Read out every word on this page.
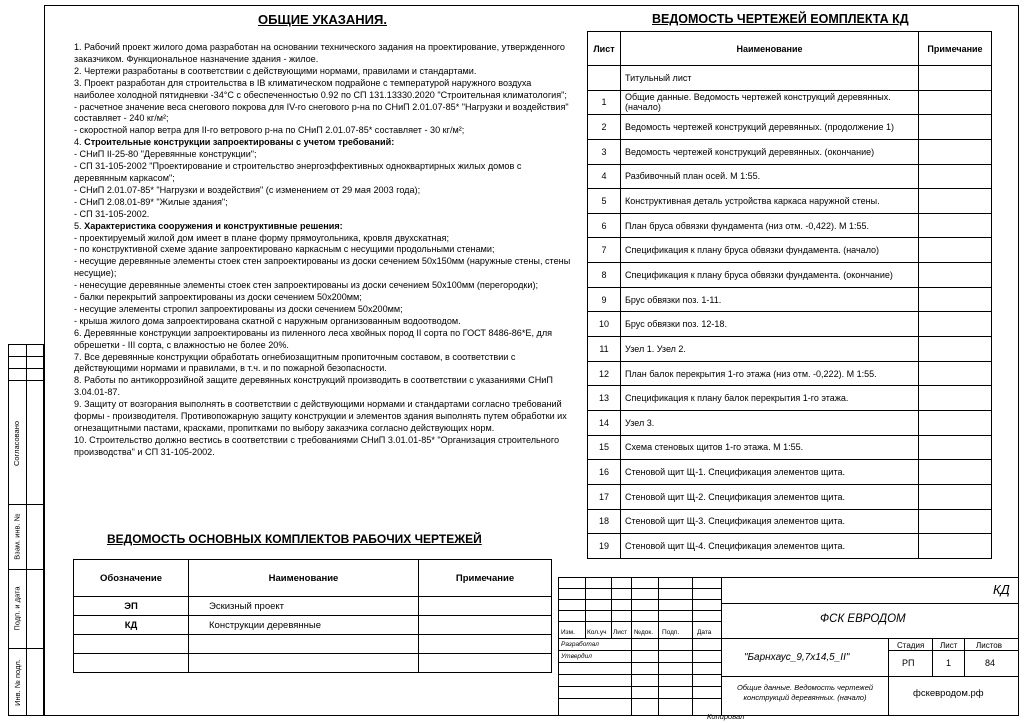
Согласовано
Взам. инв. №
Подп. и дата
Инв. № подл.
ОБЩИЕ УКАЗАНИЯ.

1. Рабочий проект жилого дома разработан на основании технического задания на проектирование, утвержденного заказчиком. Функциональное назначение здания - жилое.

2. Чертежи разработаны в соответствии с действующими нормами, правилами и стандартами.

3. Проект разработан для строительства в IВ климатическом подрайоне с температурой наружного воздуха наиболее холодной пятидневки -34°С с обеспеченностью 0.92 по СП 131.13330.2020 "Строительная климатология";

- расчетное значение веса снегового покрова для IV-го снегового р-на по СНиП 2.01.07-85* "Нагрузки и воздействия" составляет - 240 кг/м²;

- скоростной напор ветра для II-го ветрового р-на по СНиП 2.01.07-85* составляет - 30 кг/м²;

4. Строительные конструкции запроектированы с учетом требований:

- СНиП II-25-80 "Деревянные конструкции";

- СП 31-105-2002 "Проектирование и строительство энергоэффективных одноквартирных жилых домов с деревянным каркасом";

- СНиП 2.01.07-85* "Нагрузки и воздействия" (с изменением от 29 мая 2003 года);

- СНиП 2.08.01-89* "Жилые здания";

- СП 31-105-2002.

5. Характеристика сооружения и конструктивные решения:

- проектируемый жилой дом имеет в плане форму прямоугольника, кровля двухскатная;

- по конструктивной схеме здание запроектировано каркасным с несущими продольными стенами;

- несущие деревянные элементы стоек стен запроектированы из доски сечением 50х150мм (наружные стены, стены несущие);

- ненесущие деревянные элементы стоек стен запроектированы из доски сечением 50х100мм (перегородки);

- балки перекрытий запроектированы из доски сечением 50х200мм;

- несущие элементы стропил запроектированы из доски сечением 50х200мм;

- крыша жилого дома запроектирована скатной с наружным организованным водоотводом.

6. Деревянные конструкции запроектированы из пиленного леса хвойных пород II сорта по ГОСТ 8486-86*Е, для обрешетки - III сорта, с влажностью не более 20%.

7. Все деревянные конструкции обработать огнебиозащитным пропиточным составом, в соответствии с действующими нормами и правилами, в т.ч. и по пожарной безопасности.

8. Работы по антикоррозийной защите деревянных конструкций производить в соответствии с указаниями СНиП 3.04.01-87.

9. Защиту от возгорания выполнять в соответствии с действующими нормами и стандартами согласно требований формы - производителя. Противопожарную защиту конструкции и элементов здания выполнять путем обработки их огнезащитными пастами, красками, пропитками по выбору заказчика согласно действующих норм.

10. Строительство должно вестись в соответствии с требованиями СНиП 3.01.01-85* "Организация строительного производства" и СП 31-105-2002.

ВЕДОМОСТЬ ЧЕРТЕЖЕЙ ЕОМПЛЕКТА КД
Лист	Наименование	Примечание
	Титульный лист	
1	Общие данные. Ведомость чертежей конструкций деревянных. (начало)	
2	Ведомость чертежей конструкций деревянных. (продолжение 1)	
3	Ведомость чертежей конструкций деревянных. (окончание)	
4	Разбивочный план осей. М 1:55.	
5	Конструктивная деталь устройства каркаса наружной стены.	
6	План бруса обвязки фундамента (низ отм. -0,422). М 1:55.	
7	Спецификация к плану бруса обвязки фундамента. (начало)	
8	Спецификация к плану бруса обвязки фундамента. (окончание)	
9	Брус обвязки поз. 1-11.	
10	Брус обвязки поз. 12-18.	
11	Узел 1. Узел 2.	
12	План балок перекрытия 1-го этажа (низ отм. -0,222). М 1:55.	
13	Спецификация к плану балок перекрытия 1-го этажа.	
14	Узел 3.	
15	Схема стеновых щитов 1-го этажа. М 1:55.	
16	Стеновой щит Щ-1. Спецификация элементов щита.	
17	Стеновой щит Щ-2. Спецификация элементов щита.	
18	Стеновой щит Щ-3. Спецификация элементов щита.	
19	Стеновой щит Щ-4. Спецификация элементов щита.	
ВЕДОМОСТЬ ОСНОВНЫХ КОМПЛЕКТОВ РАБОЧИХ ЧЕРТЕЖЕЙ
Обозначение	Наименование	Примечание
ЭП	Эскизный проект	
КД	Конструкции деревянные	

Изм. Кол.уч Лист №док. Подп.	Дата
Разработал
Утвердил
КД
ФСК ЕВРОДОМ
"Барнхаус_9,7х14,5_II"
Стадия Лист Листов
РП	1	84
Общие данные. Ведомость чертежей конструкций деревянных. (начало)	фскевродом.рф
Копировал
